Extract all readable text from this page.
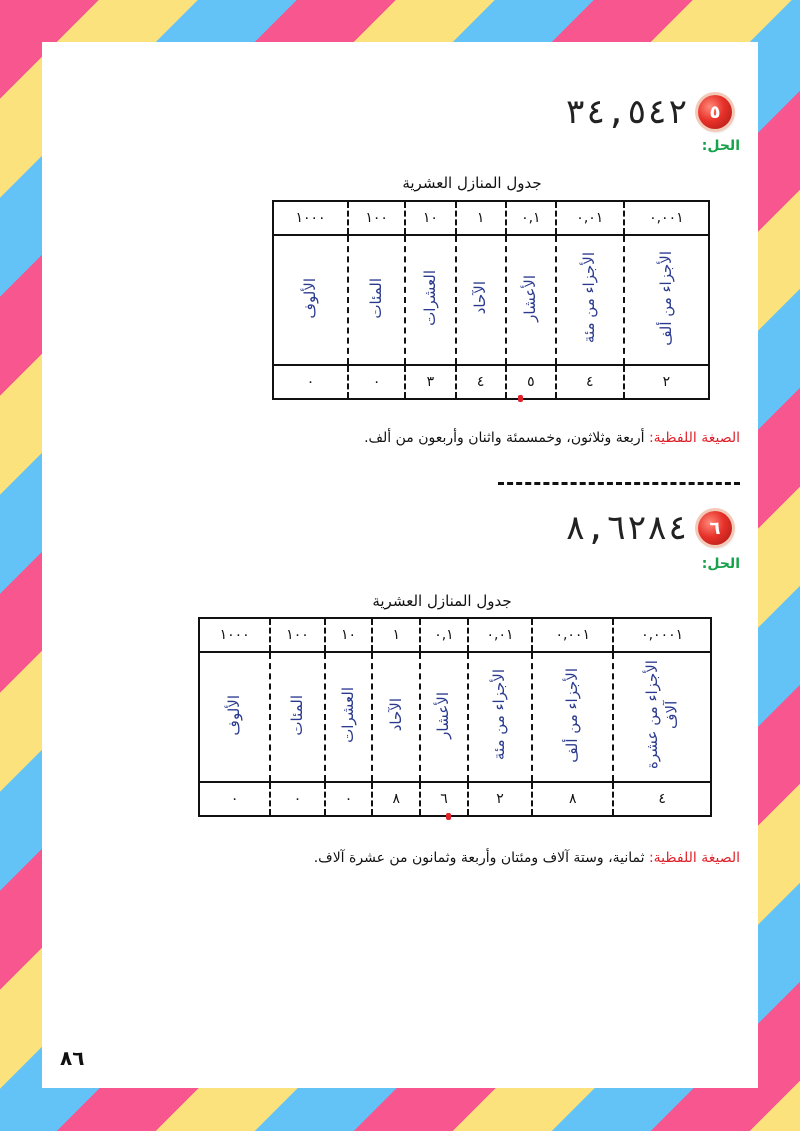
٥
٣٤,٥٤٢
الحل:
جدول المنازل العشرية
٠,٠٠١	٠,٠١	٠,١	١	١٠	١٠٠	١٠٠٠
الأجزاء من ألف	الأجزاء من مئة	الأعشار	الآحاد	العشرات	المئات	الألوف
٢	٤	٥	٤	٣	٠	٠
الصيغة اللفظية: أربعة وثلاثون، وخمسمئة واثنان وأربعون من ألف.
٦
٨,٦٢٨٤
الحل:
جدول المنازل العشرية
٠,٠٠٠١	٠,٠٠١	٠,٠١	٠,١	١	١٠	١٠٠	١٠٠٠
الأجزاء من عشرة آلاف	الأجزاء من ألف	الأجزاء من مئة	الأعشار	الآحاد	العشرات	المئات	الألوف
٤	٨	٢	٦	٨	٠	٠	٠
الصيغة اللفظية: ثمانية، وستة آلاف ومئتان وأربعة وثمانون من عشرة آلاف.
٨٦
